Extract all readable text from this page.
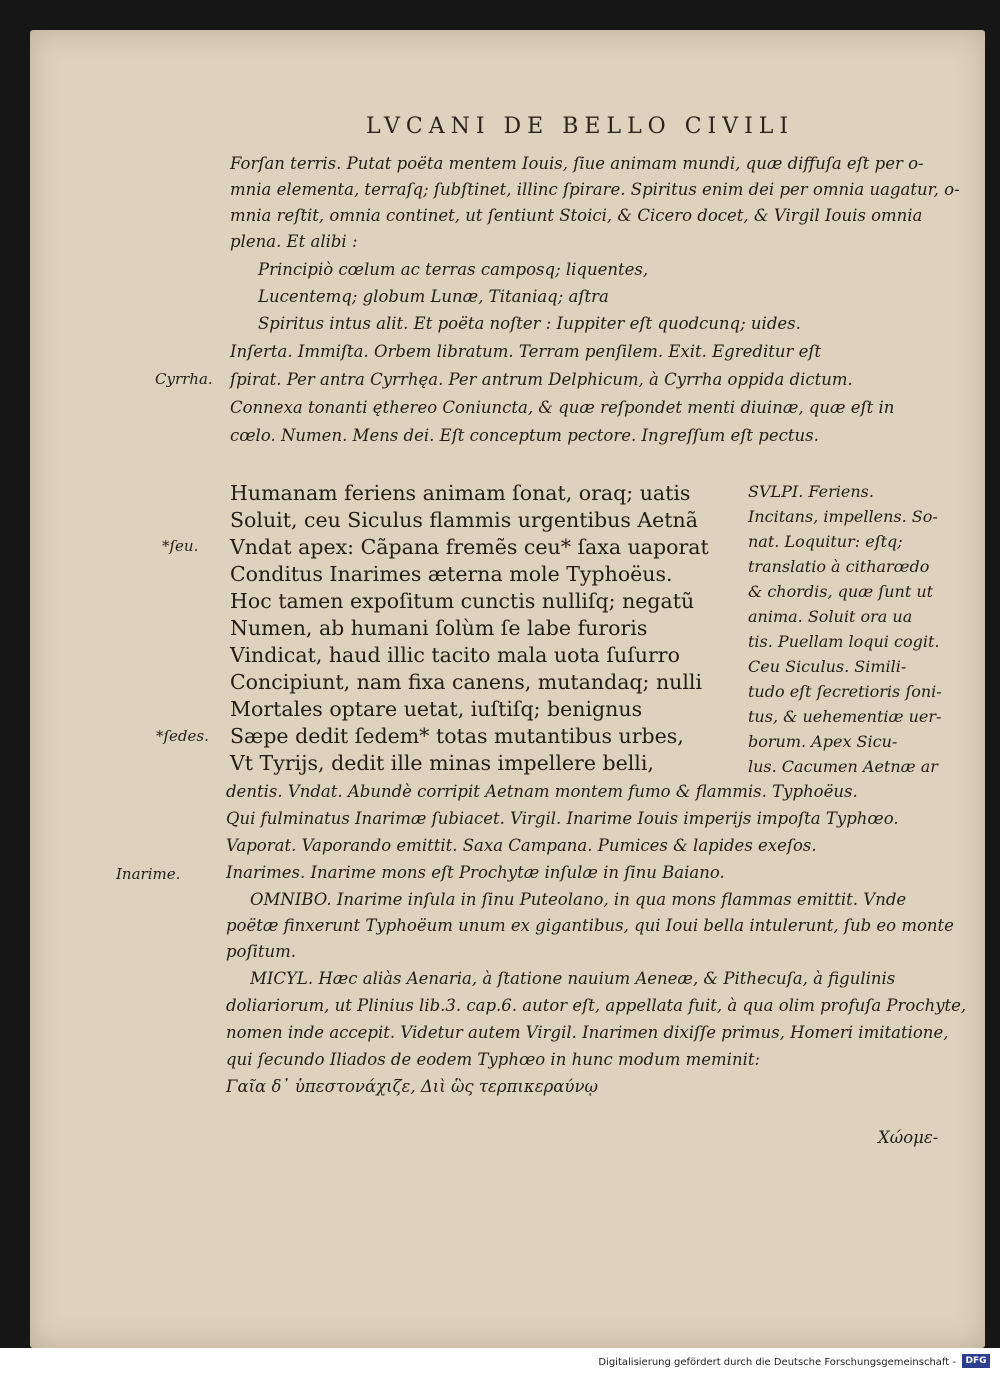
LVCANI DE BELLO CIVILI
Forſan terris. Putat poëta mentem Iouis, ſiue animam mundi, quæ diffuſa eſt per o-
mnia elementa, terraſq; ſubſtinet, illinc ſpirare. Spiritus enim dei per omnia uagatur, o-
mnia reſtit, omnia continet, ut ſentiunt Stoici, & Cicero docet, & Virgil Iouis omnia
plena. Et alibi :
Principiò cœlum ac terras camposq; liquentes,
Lucentemq; globum Lunæ, Titaniaq; aſtra
Spiritus intus alit. Et poëta noſter : Iuppiter eſt quodcunq; uides.
Inſerta. Immiſta. Orbem libratum. Terram penſilem. Exit. Egreditur eſt
Cyrrha. ſpirat. Per antra Cyrrhęa. Per antrum Delphicum, à Cyrrha oppida dictum.
Connexa tonanti ęthereo Coniuncta, & quæ reſpondet menti diuinæ, quæ eſt in
cœlo. Numen. Mens dei. Eſt conceptum pectore. Ingreſſum eſt pectus.
Humanam feriens animam ſonat, oraq; uatis
Soluit, ceu Siculus flammis urgentibus Aetnã
*ſeu. Vndat apex: Cãpana fremẽs ceu* ſaxa uaporat
Conditus Inarimes æterna mole Typhoëus.
Hoc tamen expoſitum cunctis nulliſq; negatũ
Numen, ab humani ſolùm ſe labe furoris
Vindicat, haud illic tacito mala uota ſuſurro
Concipiunt, nam fixa canens, mutandaq; nulli
Mortales optare uetat, iuſtiſq; benignus
*ſedes. Sæpe dedit ſedem* totas mutantibus urbes,
Vt Tyrijs, dedit ille minas impellere belli,
SVLPI. Feriens.
Incitans, impellens. So-
nat. Loquitur: eſtq;
translatio à citharœdo
& chordis, quæ ſunt ut
anima. Soluit ora ua
tis. Puellam loqui cogit.
Ceu Siculus. Simili-
tudo eſt ſecretioris ſoni-
tus, & uehementiæ uer-
borum. Apex Sicu-
lus. Cacumen Aetnæ ar
dentis. Vndat. Abundè corripit Aetnam montem fumo & flammis. Typhoëus.
Qui fulminatus Inarimæ ſubiacet. Virgil. Inarime Iouis imperijs impoſta Typhœo.
Vaporat. Vaporando emittit. Saxa Campana. Pumices & lapides exeſos.
Inarime.	Inarimes. Inarime mons eſt Prochytæ inſulæ in ſinu Baiano.
OMNIBO. Inarime inſula in ſinu Puteolano, in qua mons flammas emittit. Vnde
poëtæ finxerunt Typhoëum unum ex gigantibus, qui Ioui bella intulerunt, ſub eo monte
poſitum.
MICYL. Hæc aliàs Aenaria, à ſtatione nauium Aeneæ, & Pithecuſa, à figulinis
doliariorum, ut Plinius lib.3. cap.6. autor eſt, appellata fuit, à qua olim profuſa Prochyte,
nomen inde accepit. Videtur autem Virgil. Inarimen dixiſſe primus, Homeri imitatione,
qui ſecundo Iliados de eodem Typhœo in hunc modum meminit:
Γαῖα δ᾽ ὑπεστονάχιζε, Διὶ ὣς τερπικεραύνῳ
Χώομε-
Digitalisierung gefördert durch die Deutsche Forschungsgemeinschaft -	DFG
